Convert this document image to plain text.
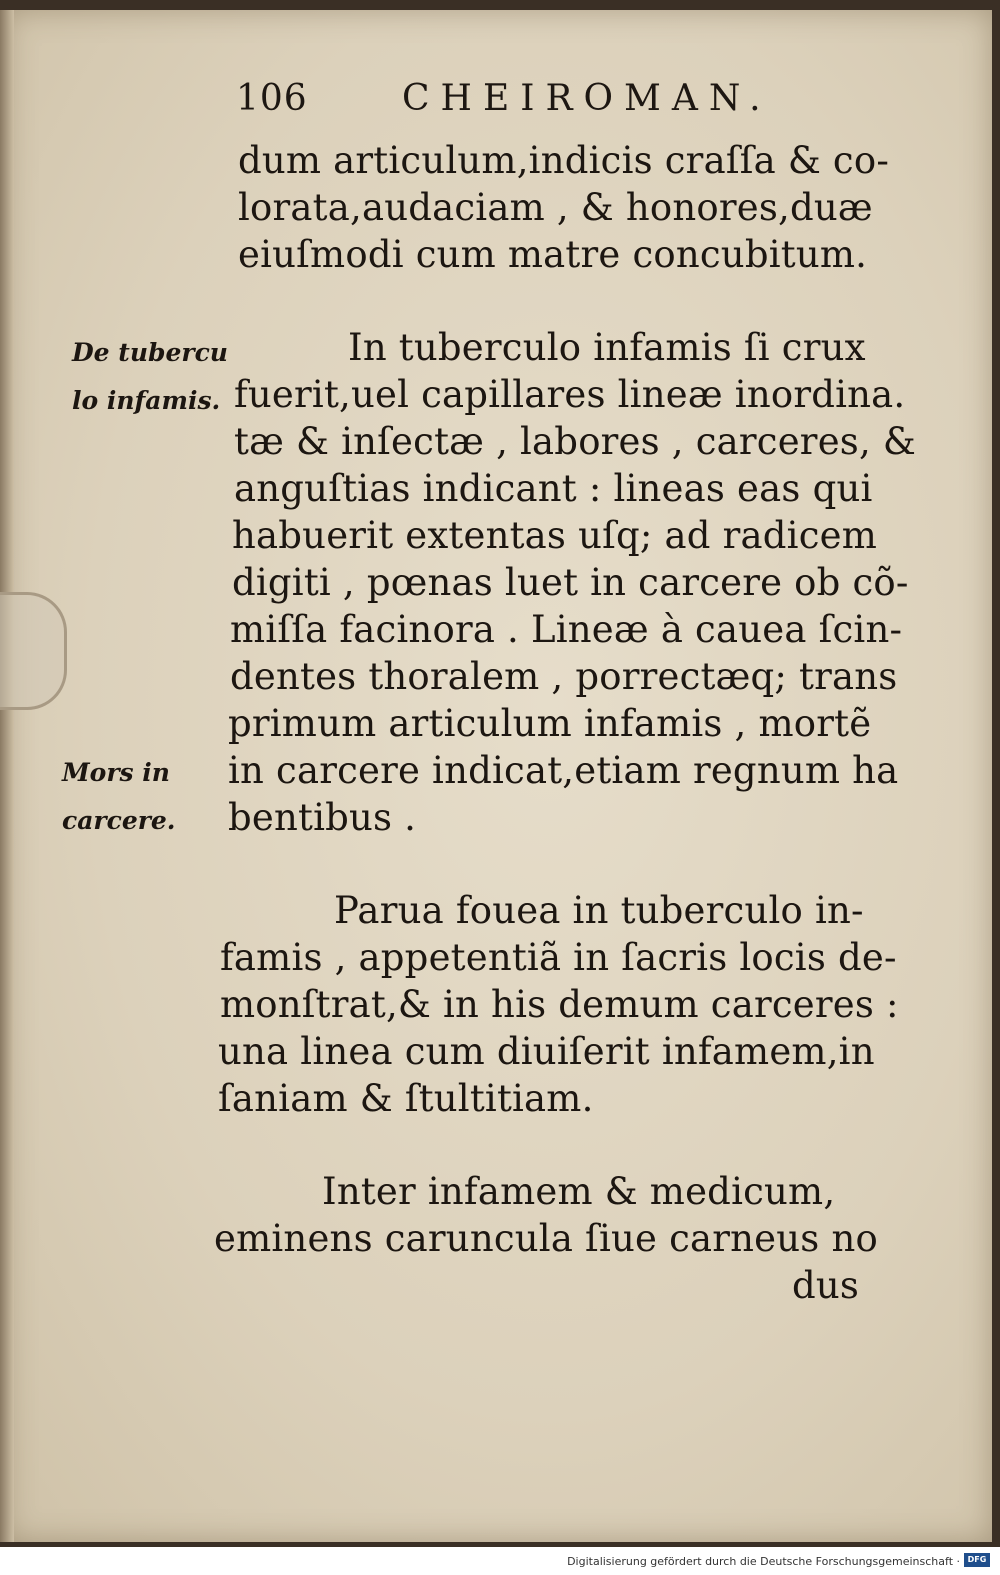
106	CHEIROMAN.
De tubercu
lo infamis.
Mors in
carcere.
dum articulum,indicis craſſa & co-
lorata,audaciam , & honores,duæ
eiuſmodi cum matre concubitum.
In tuberculo infamis ſi crux
fuerit,uel capillares lineæ inordina.
tæ & inſectæ , labores , carceres, &
anguſtias indicant : lineas eas qui
habuerit extentas uſq; ad radicem
digiti , pœnas luet in carcere ob cõ-
miſſa facinora . Lineæ à cauea ſcin-
dentes thoralem , porrectæq; trans
primum articulum infamis , mortẽ
in carcere indicat,etiam regnum ha
bentibus .
Parua fouea in tuberculo in-
famis , appetentiã in ſacris locis de-
monſtrat,& in his demum carceres :
una linea cum diuiſerit infamem,in
ſaniam & ſtultitiam.
Inter infamem & medicum,
eminens caruncula ſiue carneus no
dus
Digitalisierung gefördert durch die Deutsche Forschungsgemeinschaft · DFG
